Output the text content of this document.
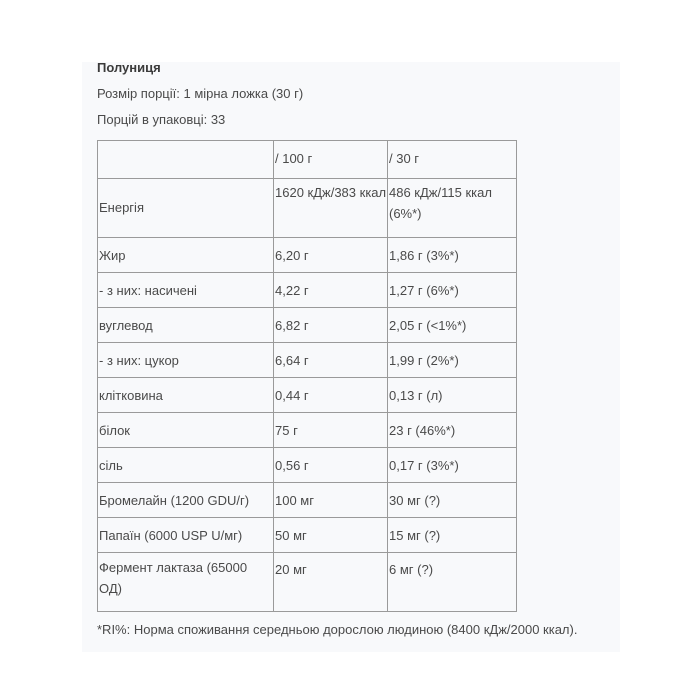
Полуниця
Розмір порції: 1 мірна ложка (30 г)
Порцій в упаковці: 33
	/ 100 г	/ 30 г
Енергія	1620 кДж/383 ккал	486 кДж/115 ккал (6%*)
Жир	6,20 г	1,86 г (3%*)
- з них: насичені	4,22 г	1,27 г (6%*)
вуглевод	6,82 г	2,05 г (<1%*)
- з них: цукор	6,64 г	1,99 г (2%*)
клітковина	0,44 г	0,13 г (л)
білок	75 г	23 г (46%*)
сіль	0,56 г	0,17 г (3%*)
Бромелайн (1200 GDU/г)	100 мг	30 мг (?)
Папаїн (6000 USP U/мг)	50 мг	15 мг (?)
Фермент лактаза (65000 ОД)	20 мг	6 мг (?)
*RI%: Норма споживання середньою дорослою людиною (8400 кДж/2000 ккал).
